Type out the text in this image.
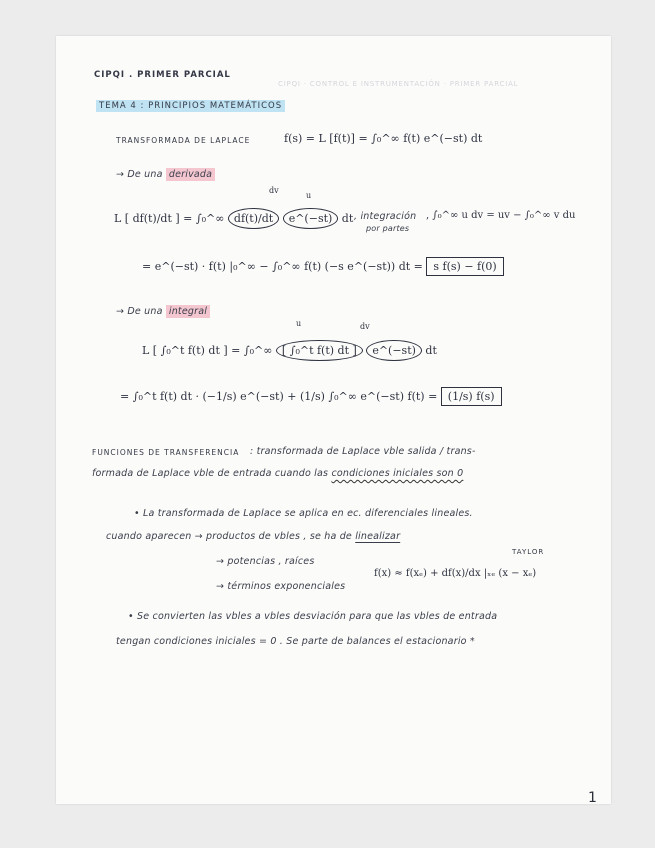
CIPQI · CONTROL E INSTRUMENTACIÓN · PRIMER PARCIAL
CIPQI . PRIMER PARCIAL
TEMA 4 : PRINCIPIOS MATEMÁTICOS
TRANSFORMADA DE LAPLACE	f(s) = L [f(t)] = ∫₀^∞ f(t) e^(−st) dt
→ De una derivada
dv
u
L [ df(t)/dt ] = ∫₀^∞ df(t)/dt e^(−st) dt , integración
por partes
, ∫₀^∞ u dv = uv − ∫₀^∞ v du
= e^(−st) · f(t) |₀^∞ − ∫₀^∞ f(t) (−s e^(−st)) dt = s f(s) − f(0)
→ De una integral
u	dv
L [ ∫₀^t f(t) dt ] = ∫₀^∞ [ ∫₀^t f(t) dt ] e^(−st) dt
= ∫₀^t f(t) dt · (−1/s) e^(−st) + (1/s) ∫₀^∞ e^(−st) f(t) = (1/s) f(s)
FUNCIONES DE TRANSFERENCIA : transformada de Laplace vble salida / trans-
formada de Laplace vble de entrada cuando las condiciones iniciales son 0
• La transformada de Laplace se aplica en ec. diferenciales lineales.
cuando aparecen → productos de vbles , se ha de linealizar
→ potencias , raíces
→ términos exponenciales
TAYLOR
f(x) ≈ f(xₑ) + df(x)/dx |ₓₑ (x − xₑ)
• Se convierten las vbles a vbles desviación para que las vbles de entrada
tengan condiciones iniciales = 0 . Se parte de balances el estacionario *
1
